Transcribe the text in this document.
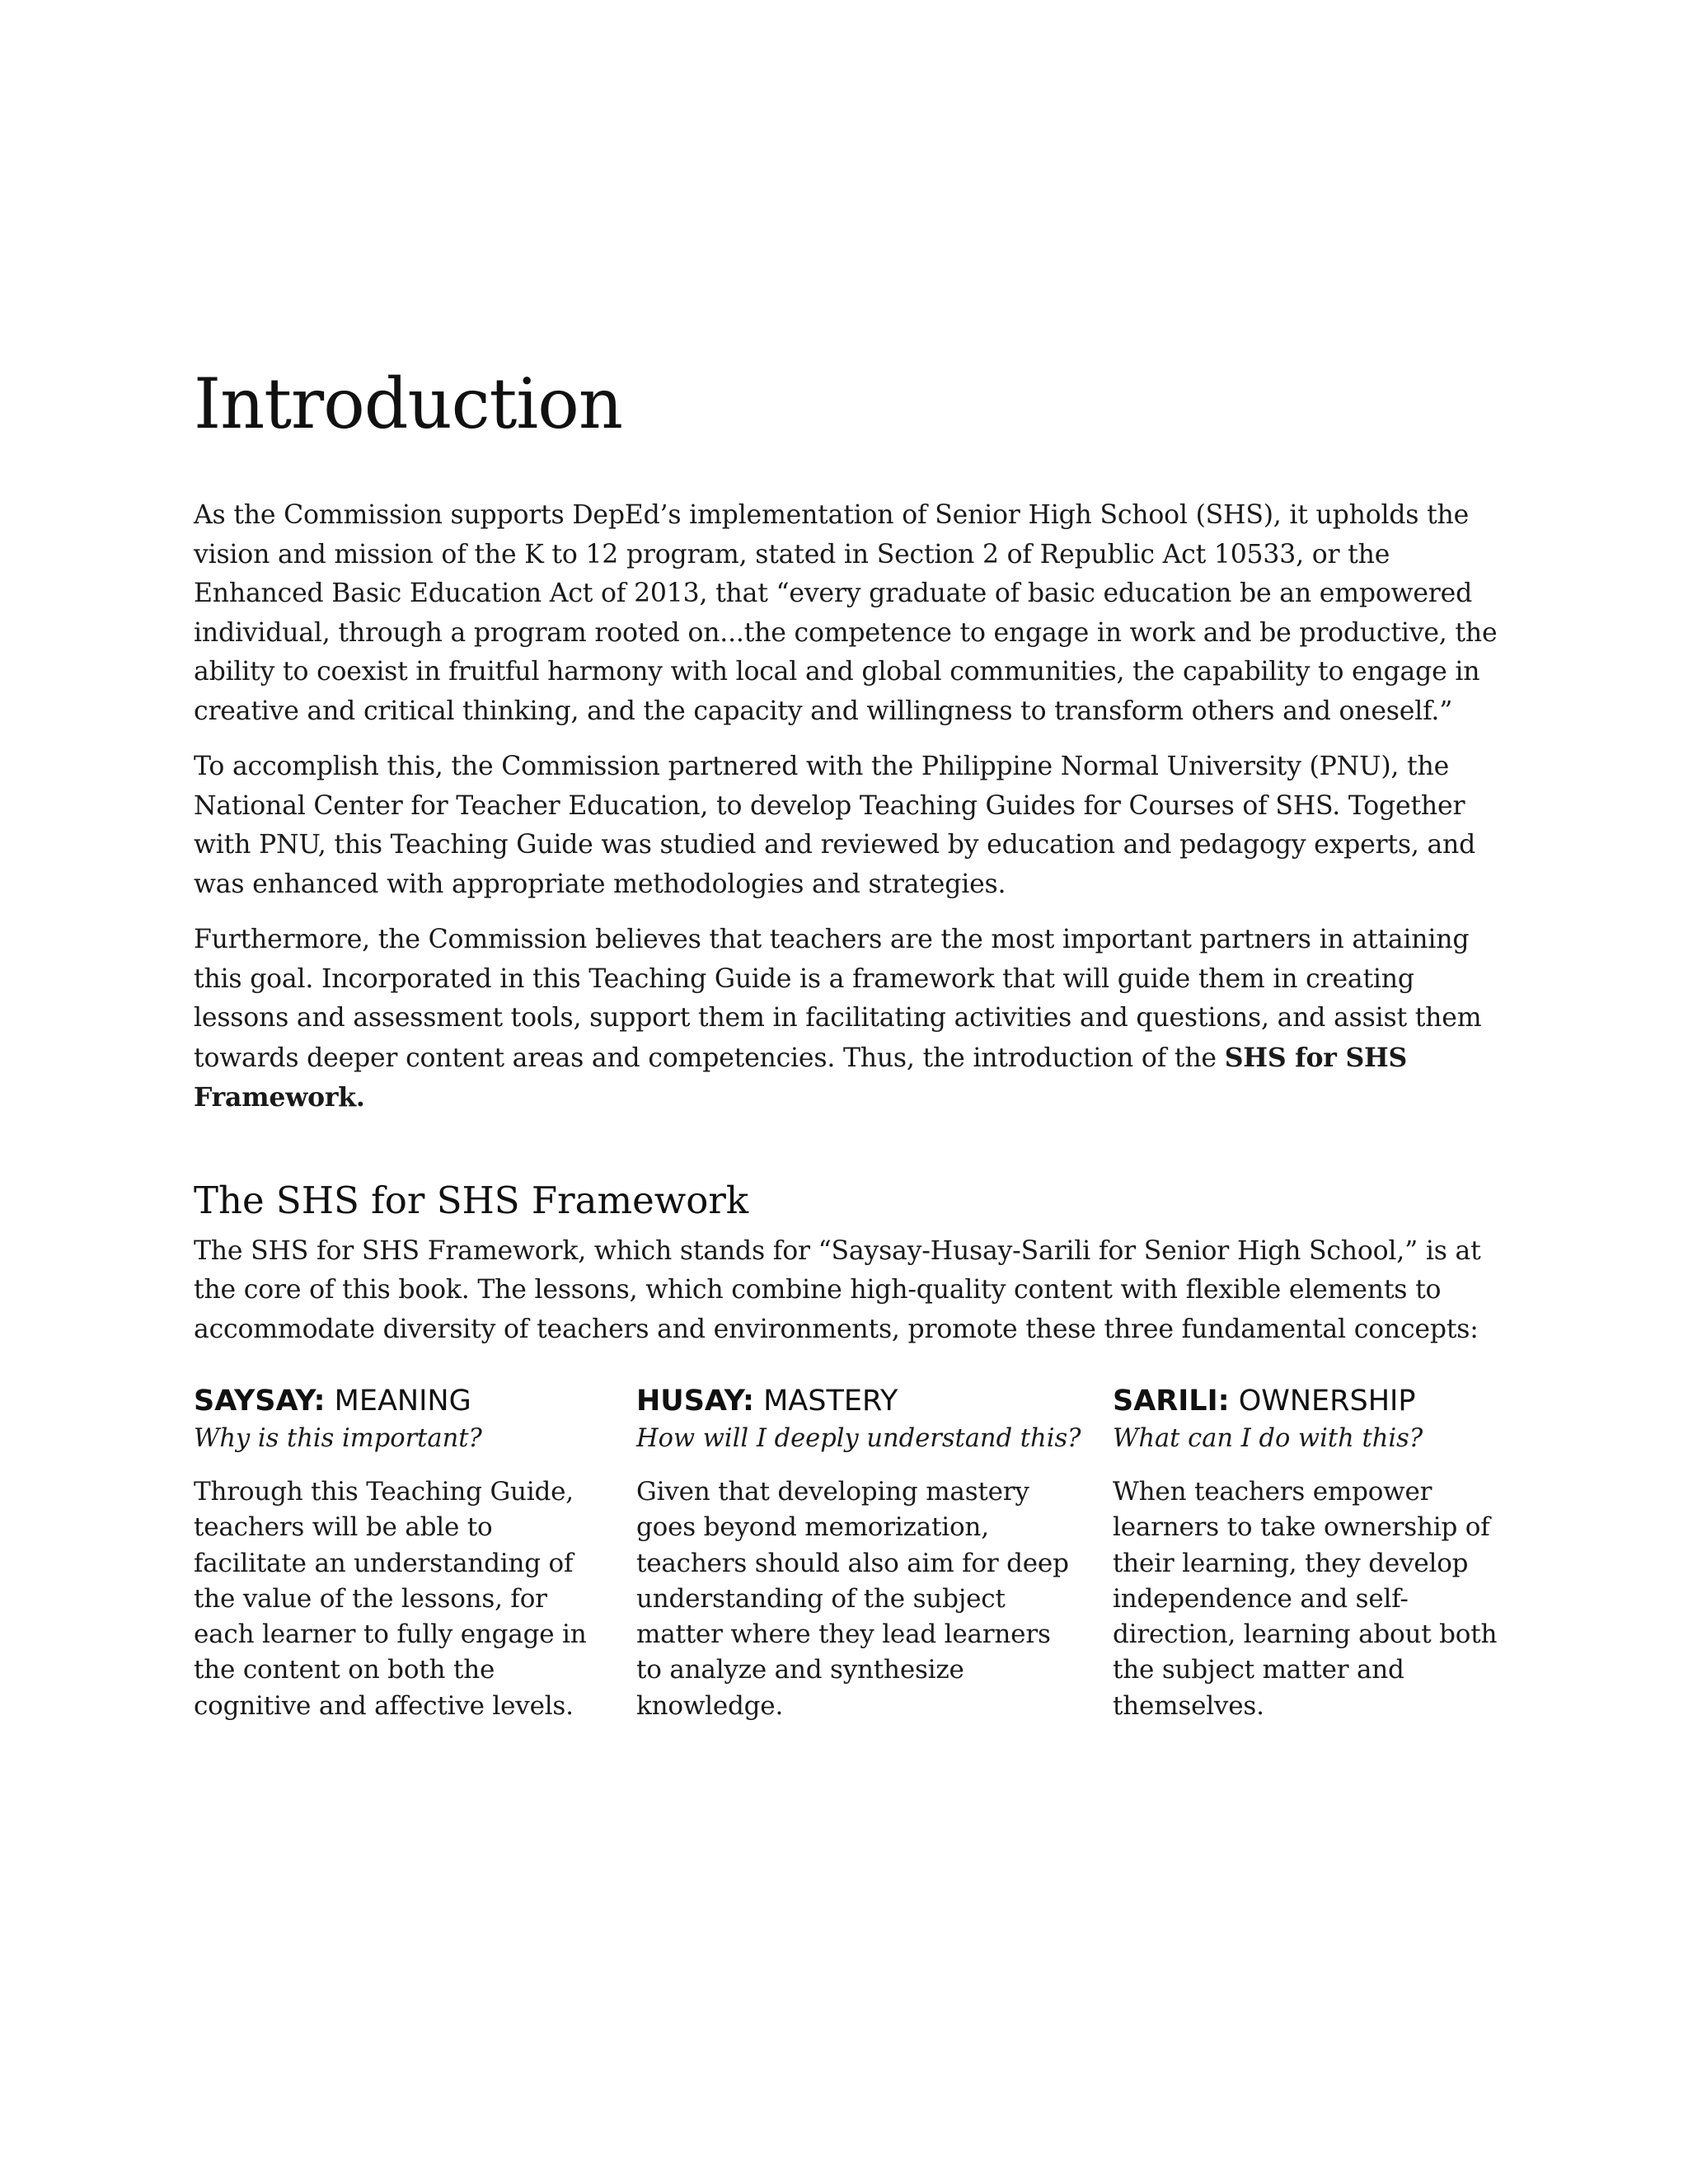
Introduction

As the Commission supports DepEd’s implementation of Senior High School (SHS), it upholds the vision and mission of the K to 12 program, stated in Section 2 of Republic Act 10533, or the Enhanced Basic Education Act of 2013, that “every graduate of basic education be an empowered individual, through a program rooted on...the competence to engage in work and be productive, the ability to coexist in fruitful harmony with local and global communities, the capability to engage in creative and critical thinking, and the capacity and willingness to transform others and oneself.”

To accomplish this, the Commission partnered with the Philippine Normal University (PNU), the National Center for Teacher Education, to develop Teaching Guides for Courses of SHS. Together with PNU, this Teaching Guide was studied and reviewed by education and pedagogy experts, and was enhanced with appropriate methodologies and strategies.

Furthermore, the Commission believes that teachers are the most important partners in attaining this goal. Incorporated in this Teaching Guide is a framework that will guide them in creating lessons and assessment tools, support them in facilitating activities and questions, and assist them towards deeper content areas and competencies. Thus, the introduction of the SHS for SHS Framework.

The SHS for SHS Framework

The SHS for SHS Framework, which stands for “Saysay-Husay-Sarili for Senior High School,” is at the core of this book. The lessons, which combine high-quality content with flexible elements to accommodate diversity of teachers and environments, promote these three fundamental concepts:

SAYSAY: MEANING
Why is this important?
Through this Teaching Guide, teachers will be able to facilitate an understanding of the value of the lessons, for each learner to fully engage in the content on both the cognitive and affective levels.
HUSAY: MASTERY
How will I deeply understand this?
Given that developing mastery goes beyond memorization, teachers should also aim for deep understanding of the subject matter where they lead learners to analyze and synthesize knowledge.
SARILI: OWNERSHIP
What can I do with this?
When teachers empower learners to take ownership of their learning, they develop independence and self-direction, learning about both the subject matter and themselves.
